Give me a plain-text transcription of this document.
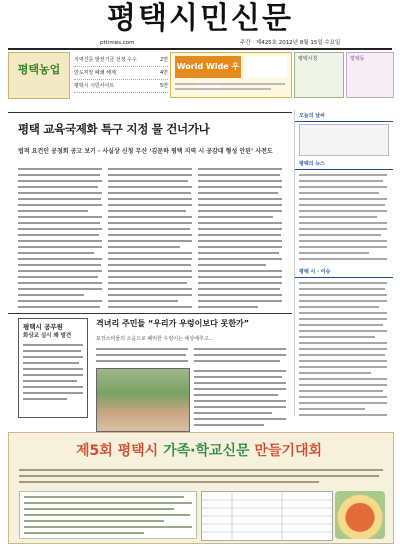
평택시민신문
pttimes.com	주간 · 제425호 2012년 8월 15일 수요일
평택농업
지역신문 발전기금 선정 우수	2면
만도직장 폐쇄 해제	4면
평택시 시민사이트	5면
World Wide 우
평택시청	평택동
평택 교육국제화 특구 지정 물 건너가나
법적 요건인 공청회 공고 보기 · 사실상 신청 무산 ‘김문하 평택 지역 시 공감대 형성 안된’ 사전도
오늘의 날씨
평택의 뉴스
평택 시 · 이슈
평택시 공무원
화상교 실시 왜 발견
격녀리 주민들 “우리가 우렁이보다 못한가”
포장소비물의 소음으로 폐익한 우렁이는 예상배추고…
제5회 평택시 가족·학교신문 만들기대회
